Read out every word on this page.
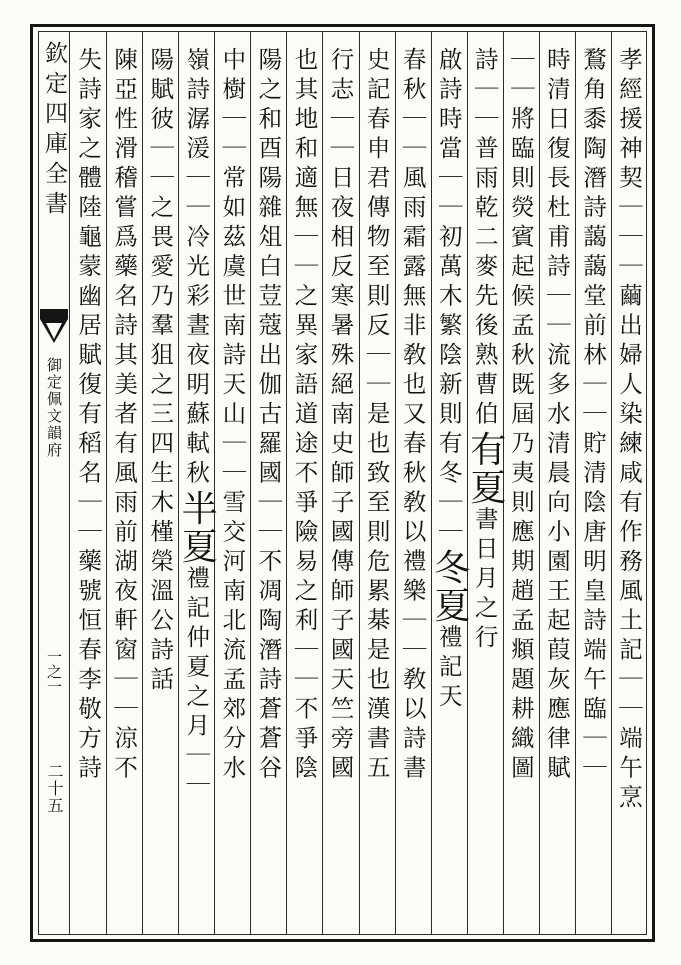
欽定四庫全書
御定佩文韻府
一之一
二十五	孝經援神契｜｜｜繭出婦人染練咸有作務風土記｜｜端午烹
鶩角黍陶潛詩藹藹堂前林｜｜貯清陰唐明皇詩端午臨｜｜
時清日復長杜甫詩｜｜流多水清晨向小園王起葭灰應律賦
｜｜將臨則熒賓起候孟秋既屆乃夷則應期趙孟頫題耕織圖
詩｜｜普雨乾二麥先後熟曹伯有夏書日月之行
啟詩時當｜｜初萬木繁陰新則有冬｜｜冬夏禮記天
春秋｜｜風雨霜露無非敎也又春秋敎以禮樂｜｜敎以詩書
史記春申君傳物至則反｜｜是也致至則危累棊是也漢書五
行志｜｜日夜相反寒暑殊絕南史師子國傳師子國天竺旁國
也其地和適無｜｜之異家語道途不爭險易之利｜｜不爭陰
陽之和酉陽雜俎白荳蔻出伽古羅國｜｜不凋陶潛詩蒼蒼谷
中樹｜｜常如茲虞世南詩天山｜｜雪交河南北流孟郊分水
嶺詩潺湲｜｜冷光彩晝夜明蘇軾秋半夏禮記仲夏之月｜｜
陽賦彼｜｜之畏愛乃羣狙之三四生木槿榮溫公詩話
陳亞性滑稽嘗爲藥名詩其美者有風雨前湖夜軒窗｜｜涼不
失詩家之體陸龜蒙幽居賦復有稻名｜｜藥號恒春李敬方詩
